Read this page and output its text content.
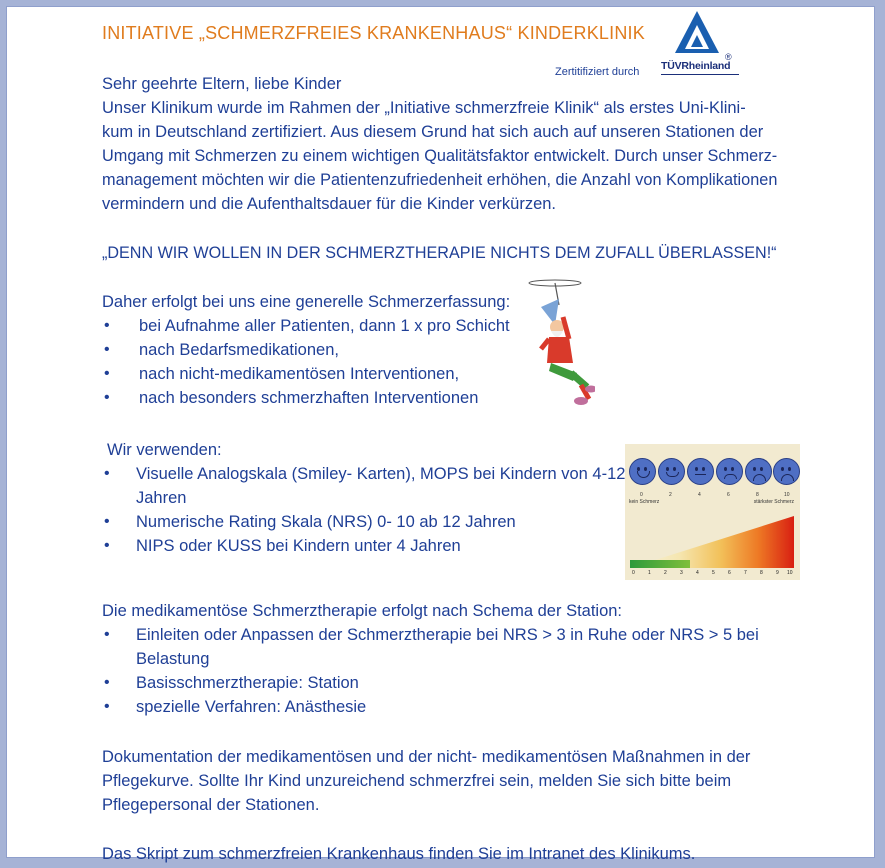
INITIATIVE „SCHMERZFREIES KRANKENHAUS“ KINDERKLINIK
®
TÜVRheinland
Zertitifiziert durch
Sehr geehrte Eltern, liebe Kinder
Unser Klinikum wurde im Rahmen der „Initiative schmerzfreie Klinik“ als erstes Uni-Klini-
kum in Deutschland zertifiziert. Aus diesem Grund hat sich auch auf unseren Stationen der
Umgang mit Schmerzen zu einem wichtigen Qualitätsfaktor entwickelt. Durch unser Schmerz-
management möchten wir die Patientenzufriedenheit erhöhen, die Anzahl von Komplikationen
vermindern und die Aufenthaltsdauer für die Kinder verkürzen.
„DENN WIR WOLLEN IN DER SCHMERZTHERAPIE NICHTS DEM ZUFALL ÜBERLASSEN!“
Daher erfolgt bei uns eine generelle Schmerzerfassung:
• bei Aufnahme aller Patienten, dann 1 x pro Schicht
• nach Bedarfsmedikationen,
• nach nicht-medikamentösen Interventionen,
• nach besonders schmerzhaften Interventionen
Wir verwenden:
• Visuelle Analogskala (Smiley- Karten), MOPS bei Kindern von 4-12
Jahren
• Numerische Rating Skala (NRS) 0- 10 ab 12 Jahren
• NIPS oder KUSS bei Kindern unter 4 Jahren
0	2	4	6	8	10
kein Schmerz	stärkster Schmerz
0	1	2	3	4	5	6	7	8	9 10
Die medikamentöse Schmerztherapie erfolgt nach Schema der Station:
• Einleiten oder Anpassen der Schmerztherapie bei NRS > 3 in Ruhe oder NRS > 5 bei
Belastung
• Basisschmerztherapie: Station
• spezielle Verfahren: Anästhesie
Dokumentation der medikamentösen und der nicht- medikamentösen Maßnahmen in der
Pflegekurve. Sollte Ihr Kind unzureichend schmerzfrei sein, melden Sie sich bitte beim
Pflegepersonal der Stationen.
Das Skript zum schmerzfreien Krankenhaus finden Sie im Intranet des Klinikums.
